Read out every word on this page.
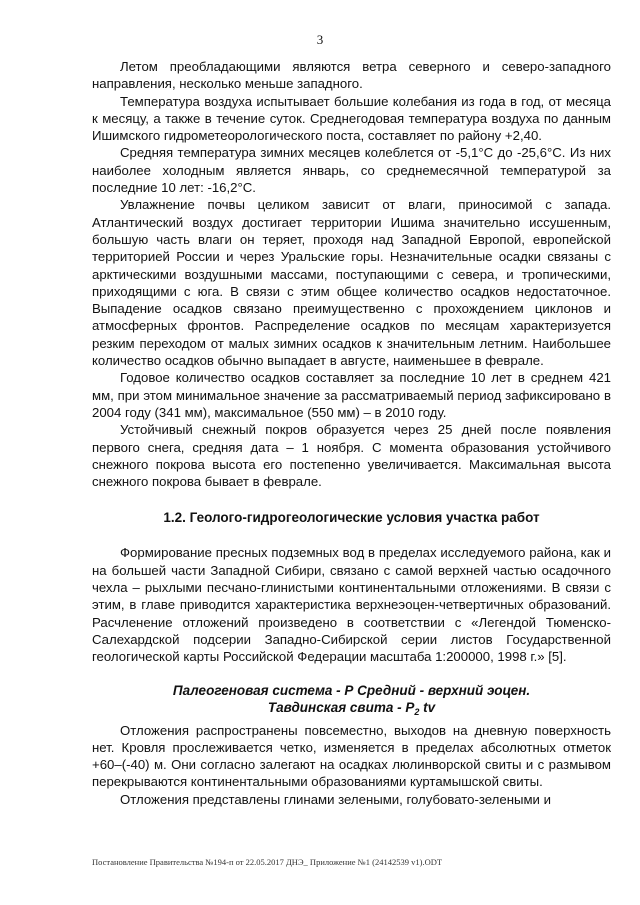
3

Летом преобладающими являются ветра северного и северо-западного направления, несколько меньше западного.

Температура воздуха испытывает большие колебания из года в год, от месяца к месяцу, а также в течение суток. Среднегодовая температура воздуха по данным Ишимского гидрометеорологического поста, составляет по району +2,40.

Средняя температура зимних месяцев колеблется от -5,1°С до -25,6°С. Из них наиболее холодным является январь, со среднемесячной температурой за последние 10 лет: -16,2°С.

Увлажнение почвы целиком зависит от влаги, приносимой с запада. Атлантический воздух достигает территории Ишима значительно иссушенным, большую часть влаги он теряет, проходя над Западной Европой, европейской территорией России и через Уральские горы. Незначительные осадки связаны с арктическими воздушными массами, поступающими с севера, и тропическими, приходящими с юга. В связи с этим общее количество осадков недостаточное. Выпадение осадков связано преимущественно с прохождением циклонов и атмосферных фронтов. Распределение осадков по месяцам характеризуется резким переходом от малых зимних осадков к значительным летним. Наибольшее количество осадков обычно выпадает в августе, наименьшее в феврале.

Годовое количество осадков составляет за последние 10 лет в среднем 421 мм, при этом минимальное значение за рассматриваемый период зафиксировано в 2004 году (341 мм), максимальное (550 мм) – в 2010 году.

Устойчивый снежный покров образуется через 25 дней после появления первого снега, средняя дата – 1 ноября. С момента образования устойчивого снежного покрова высота его постепенно увеличивается. Максимальная высота снежного покрова бывает в феврале.

1.2. Геолого-гидрогеологические условия участка работ

Формирование пресных подземных вод в пределах исследуемого района, как и на большей части Западной Сибири, связано с самой верхней частью осадочного чехла – рыхлыми песчано-глинистыми континентальными отложениями. В связи с этим, в главе приводится характеристика верхнеэоцен-четвертичных образований. Расчленение отложений произведено в соответствии с «Легендой Тюменско-Салехардской подсерии Западно-Сибирской серии листов Государственной геологической карты Российской Федерации масштаба 1:200000, 1998 г.» [5].

Палеогеновая система - Р Средний - верхний эоцен.
Тавдинская свита - $Р_2$ tv

Отложения распространены повсеместно, выходов на дневную поверхность нет. Кровля прослеживается четко, изменяется в пределах абсолютных отметок +60–(-40) м. Они согласно залегают на осадках люлинворской свиты и с размывом перекрываются континентальными образованиями куртамышской свиты.

Отложения представлены глинами зелеными, голубовато-зелеными и

Постановление Правительства №194-п от 22.05.2017 ДНЭ_ Приложение №1 (24142539 v1).ODT
